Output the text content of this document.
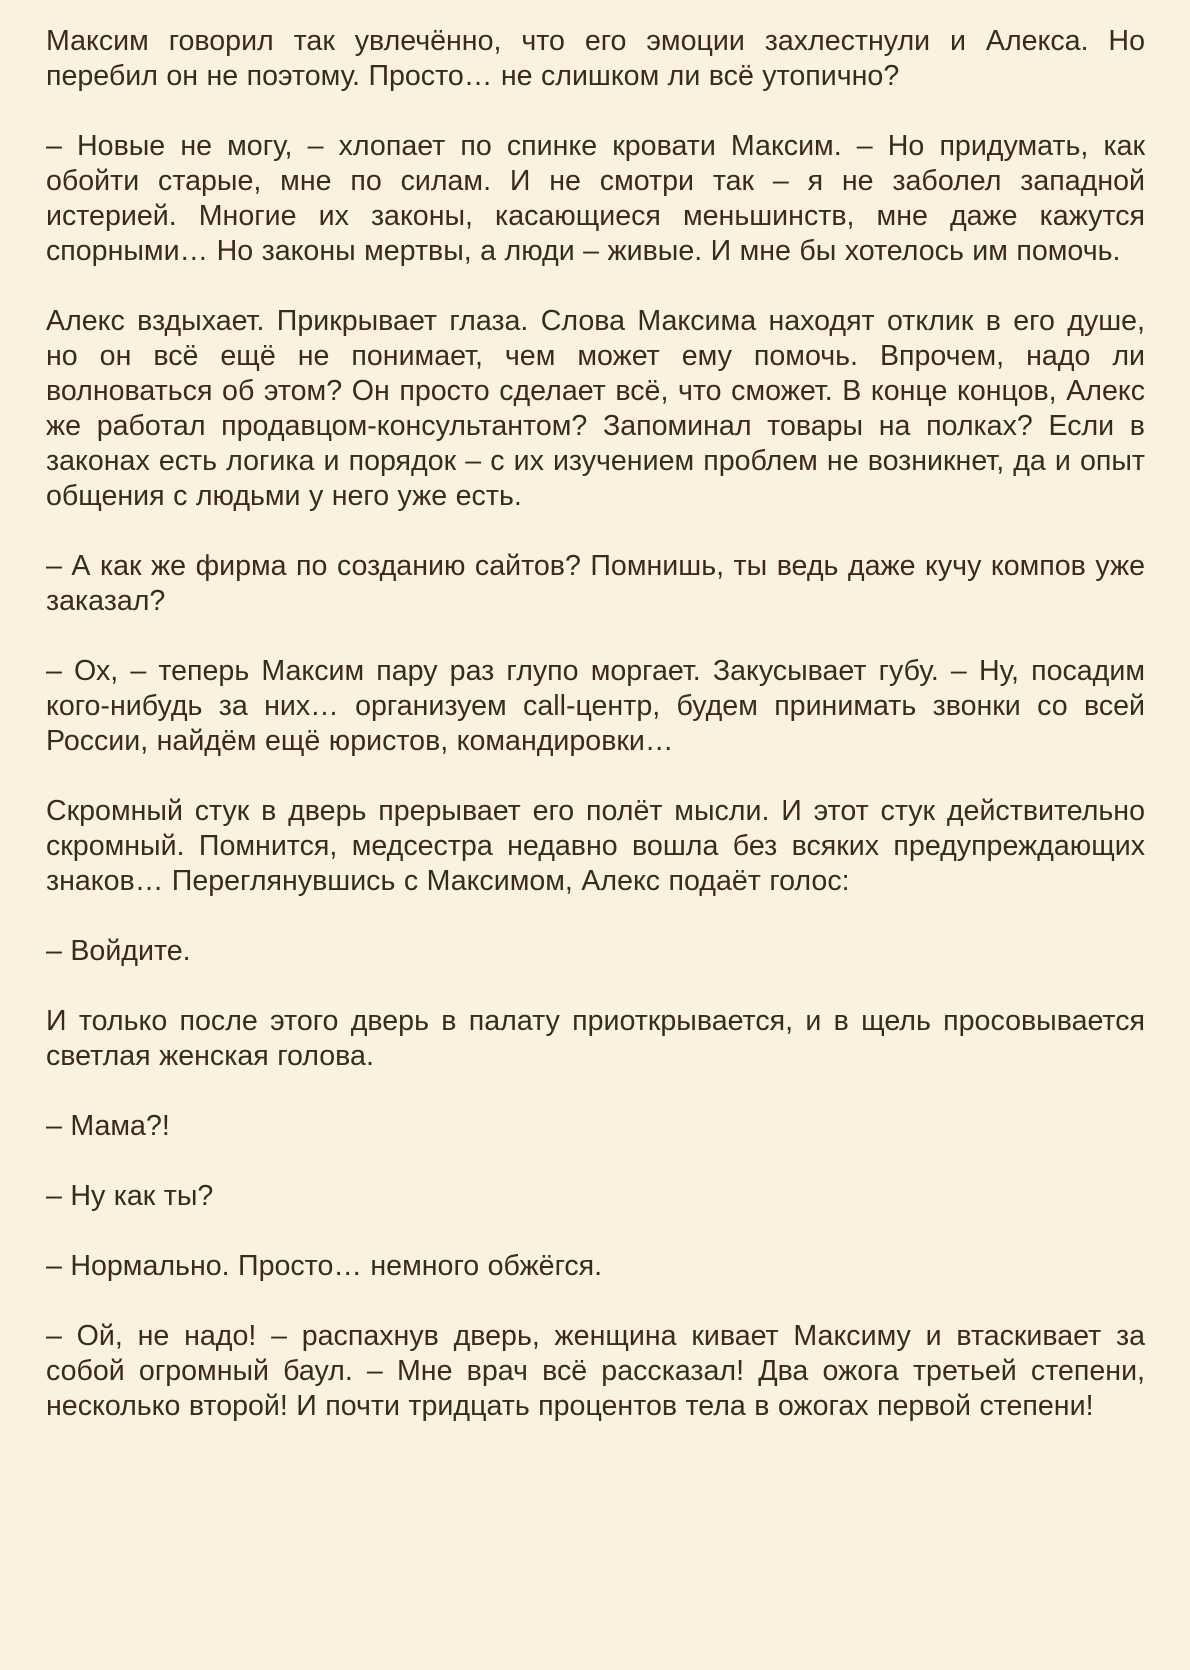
Максим говорил так увлечённо, что его эмоции захлестнули и Алекса. Но перебил он не поэтому. Просто… не слишком ли всё утопично?

– Новые не могу, – хлопает по спинке кровати Максим. – Но придумать, как обойти старые, мне по силам. И не смотри так – я не заболел западной истерией. Многие их законы, касающиеся меньшинств, мне даже кажутся спорными… Но законы мертвы, а люди – живые. И мне бы хотелось им помочь.

Алекс вздыхает. Прикрывает глаза. Слова Максима находят отклик в его душе, но он всё ещё не понимает, чем может ему помочь. Впрочем, надо ли волноваться об этом? Он просто сделает всё, что сможет. В конце концов, Алекс же работал продавцом-консультантом? Запоминал товары на полках? Если в законах есть логика и порядок – с их изучением проблем не возникнет, да и опыт общения с людьми у него уже есть.

– А как же фирма по созданию сайтов? Помнишь, ты ведь даже кучу компов уже заказал?

– Ох, – теперь Максим пару раз глупо моргает. Закусывает губу. – Ну, посадим кого-нибудь за них… организуем call-центр, будем принимать звонки со всей России, найдём ещё юристов, командировки…

Скромный стук в дверь прерывает его полёт мысли. И этот стук действительно скромный. Помнится, медсестра недавно вошла без всяких предупреждающих знаков… Переглянувшись с Максимом, Алекс подаёт голос:

– Войдите.

И только после этого дверь в палату приоткрывается, и в щель просовывается светлая женская голова.

– Мама?!

– Ну как ты?

– Нормально. Просто… немного обжёгся.

– Ой, не надо! – распахнув дверь, женщина кивает Максиму и втаскивает за собой огромный баул. – Мне врач всё рассказал! Два ожога третьей степени, несколько второй! И почти тридцать процентов тела в ожогах первой степени!
